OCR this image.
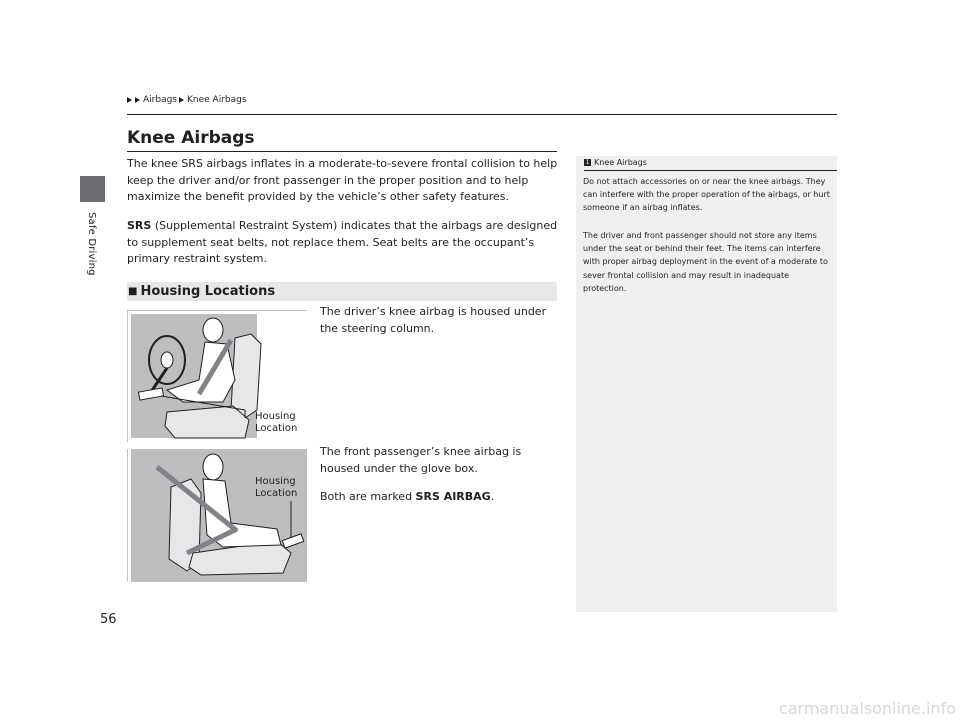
Safe Driving
Airbags Knee Airbags
Knee Airbags

The knee SRS airbags inflates in a moderate-to-severe frontal collision to help keep the driver and/or front passenger in the proper position and to help maximize the benefit provided by the vehicle’s other safety features.

SRS (Supplemental Restraint System) indicates that the airbags are designed to supplement seat belts, not replace them. Seat belts are the occupant’s primary restraint system.

■ Housing Locations
Housing
Location
Housing
Location

The driver’s knee airbag is housed under the steering column.

The front passenger’s knee airbag is housed under the glove box.

Both are marked SRS AIRBAG.

1 Knee Airbags

Do not attach accessories on or near the knee airbags. They can interfere with the proper operation of the airbags, or hurt someone if an airbag inflates.

The driver and front passenger should not store any items under the seat or behind their feet. The items can interfere with proper airbag deployment in the event of a moderate to sever frontal collision and may result in inadequate protection.

56
carmanualsonline.info
